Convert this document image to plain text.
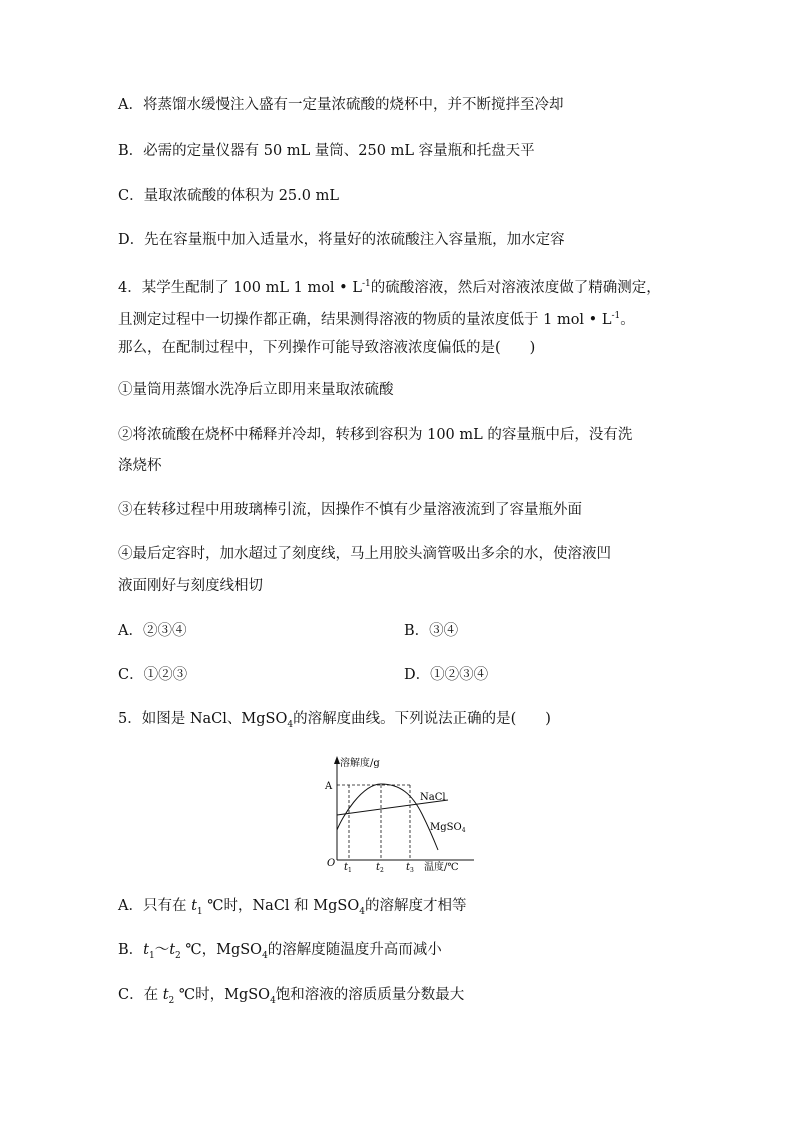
A．将蒸馏水缓慢注入盛有一定量浓硫酸的烧杯中，并不断搅拌至冷却
B．必需的定量仪器有 50 mL 量筒、250 mL 容量瓶和托盘天平
C．量取浓硫酸的体积为 25.0 mL
D．先在容量瓶中加入适量水，将量好的浓硫酸注入容量瓶，加水定容
4．某学生配制了 100 mL 1 mol • $L^{-1}$的硫酸溶液，然后对溶液浓度做了精确测定，
且测定过程中一切操作都正确，结果测得溶液的物质的量浓度低于 1 mol • $L^{-1}$。
那么，在配制过程中，下列操作可能导致溶液浓度偏低的是(　　)
①量筒用蒸馏水洗净后立即用来量取浓硫酸
②将浓硫酸在烧杯中稀释并冷却，转移到容积为 100 mL 的容量瓶中后，没有洗
涤烧杯
③在转移过程中用玻璃棒引流，因操作不慎有少量溶液流到了容量瓶外面
④最后定容时，加水超过了刻度线，马上用胶头滴管吸出多余的水，使溶液凹
液面刚好与刻度线相切
A．②③④	B．③④
C．①②③	D．①②③④
5．如图是 NaCl、MgSO$_4$的溶解度曲线。下列说法正确的是(　　)
溶解度/g
A
O
NaCl
MgSO$_4$
$t_1$ $t_2$ $t_3$ 温度/℃
A．只有在 $t_1$ ℃时，NaCl 和 MgSO$_4$的溶解度才相等
B．$t_1\sim t_2$ ℃，MgSO$_4$的溶解度随温度升高而减小
C．在 $t_2$ ℃时，MgSO$_4$饱和溶液的溶质质量分数最大
